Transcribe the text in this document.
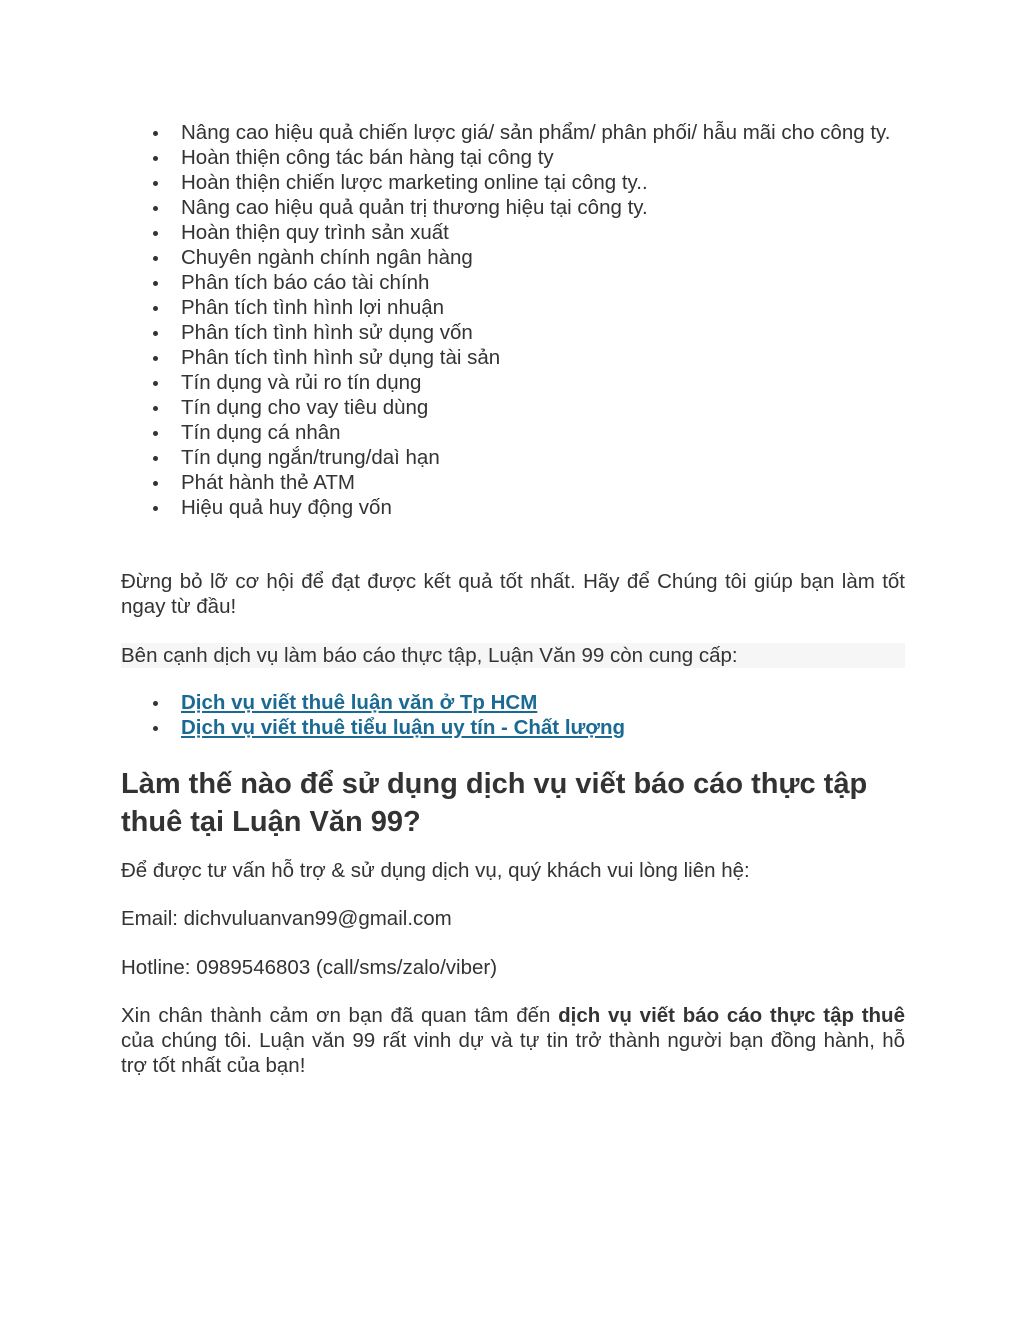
Nâng cao hiệu quả chiến lược giá/ sản phẩm/ phân phối/ hẫu mãi cho công ty.
Hoàn thiện công tác bán hàng tại công ty
Hoàn thiện chiến lược marketing online tại công ty..
Nâng cao hiệu quả quản trị thương hiệu tại công ty.
Hoàn thiện quy trình sản xuất
Chuyên ngành chính ngân hàng
Phân tích báo cáo tài chính
Phân tích tình hình lợi nhuận
Phân tích tình hình sử dụng vốn
Phân tích tình hình sử dụng tài sản
Tín dụng và rủi ro tín dụng
Tín dụng cho vay tiêu dùng
Tín dụng cá nhân
Tín dụng ngắn/trung/daì hạn
Phát hành thẻ ATM
Hiệu quả huy động vốn

Đừng bỏ lỡ cơ hội để đạt được kết quả tốt nhất. Hãy để Chúng tôi giúp bạn làm tốt ngay từ đầu!

Bên cạnh dịch vụ làm báo cáo thực tập, Luận Văn 99 còn cung cấp:

Dịch vụ viết thuê luận văn ở Tp HCM
Dịch vụ viết thuê tiểu luận uy tín - Chất lượng
Làm thế nào để sử dụng dịch vụ viết báo cáo thực tập thuê tại Luận Văn 99?

Để được tư vấn hỗ trợ & sử dụng dịch vụ, quý khách vui lòng liên hệ:

Email: dichvuluanvan99@gmail.com

Hotline: 0989546803 (call/sms/zalo/viber)

Xin chân thành cảm ơn bạn đã quan tâm đến dịch vụ viết báo cáo thực tập thuê của chúng tôi. Luận văn 99 rất vinh dự và tự tin trở thành người bạn đồng hành, hỗ trợ tốt nhất của bạn!
